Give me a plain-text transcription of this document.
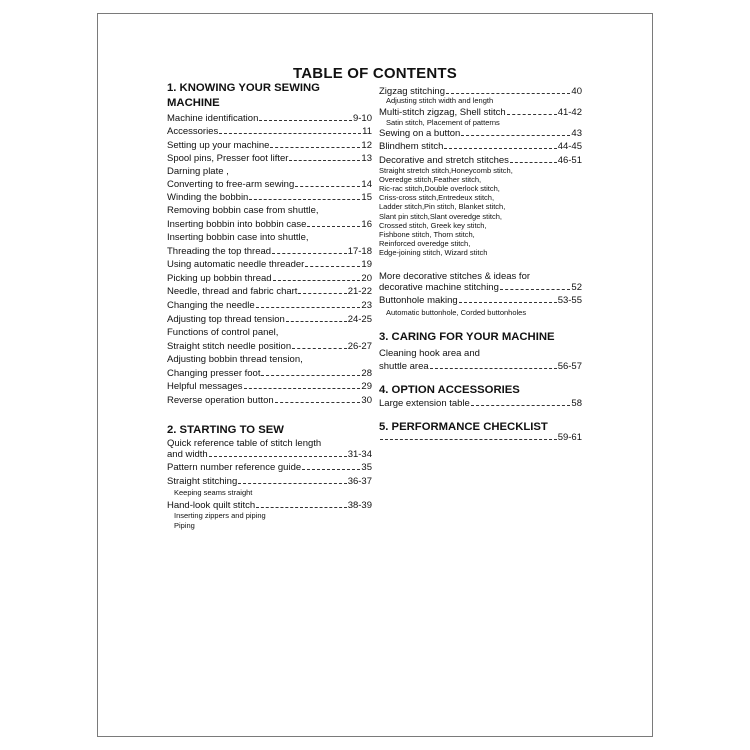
TABLE OF CONTENTS
1. KNOWING YOUR SEWING
MACHINE
Machine identification	9-10
Accessories	11
Setting up your machine	12
Spool pins, Presser foot lifter	13
Darning plate ,
Converting to free-arm sewing	14
Winding the bobbin	15
Removing bobbin case from shuttle,
Inserting bobbin into bobbin case	16
Inserting bobbin case into shuttle,
Threading the top thread	17-18
Using automatic needle threader	19
Picking up bobbin thread	20
Needle, thread and fabric chart	21-22
Changing the needle	23
Adjusting top thread tension	24-25
Functions of control panel,
Straight stitch needle position	26-27
Adjusting bobbin thread tension,
Changing presser foot	28
Helpful messages	29
Reverse operation button	30
2. STARTING TO SEW
Quick reference table of stitch length
and width	31-34
Pattern number reference guide	35
Straight stitching	36-37
Keeping seams straight
Hand-look quilt stitch	38-39
Inserting zippers and piping
Piping
Zigzag stitching	40
Adjusting stitch width and length
Multi-stitch zigzag, Shell stitch	41-42
Satin stitch, Placement of patterns
Sewing on a button	43
Blindhem stitch	44-45
Decorative and stretch stitches	46-51
Straight stretch stitch,Honeycomb stitch,
Overedge stitch,Feather stitch,
Ric-rac stitch,Double overlock stitch,
Criss-cross stitch,Entredeux stitch,
Ladder stitch,Pin stitch, Blanket stitch,
Slant pin stitch,Slant overedge stitch,
Crossed stitch, Greek key stitch,
Fishbone stitch, Thorn stitch,
Reinforced overedge stitch,
Edge-joining stitch, Wizard stitch
More decorative stitches & ideas for
decorative machine stitching	52
Buttonhole making	53-55
Automatic buttonhole, Corded buttonholes
3. CARING FOR YOUR MACHINE
Cleaning hook area and
shuttle area	56-57
4. OPTION ACCESSORIES
Large extension table	58
5. PERFORMANCE CHECKLIST
59-61
